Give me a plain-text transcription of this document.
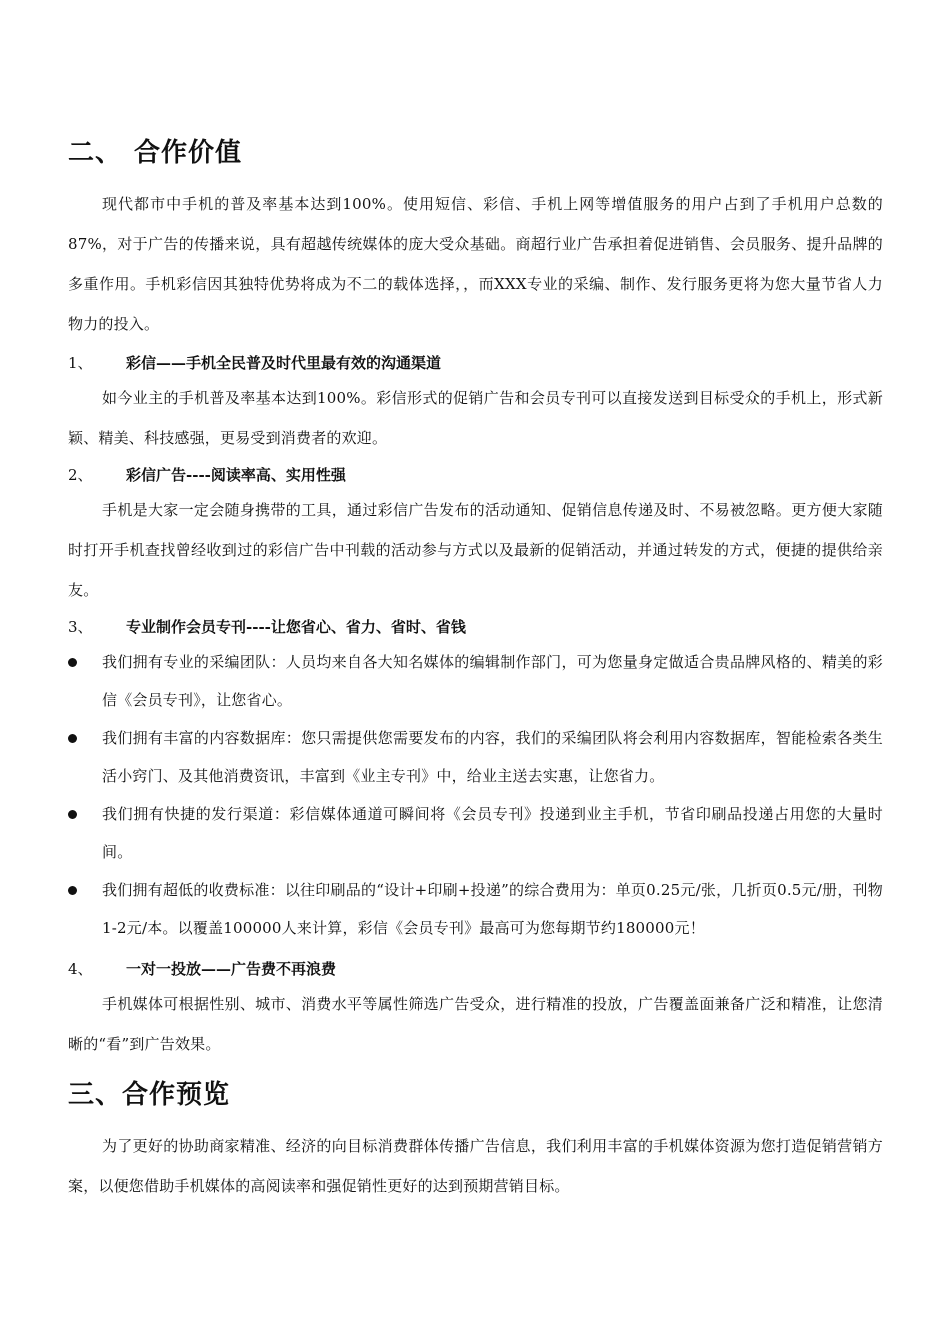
二、 合作价值
现代都市中手机的普及率基本达到100%。使用短信、彩信、手机上网等增值服务的用户占到了手机用户总数的87%，对于广告的传播来说，具有超越传统媒体的庞大受众基础。商超行业广告承担着促进销售、会员服务、提升品牌的多重作用。手机彩信因其独特优势将成为不二的载体选择，，而XXX专业的采编、制作、发行服务更将为您大量节省人力物力的投入。
1、 彩信——手机全民普及时代里最有效的沟通渠道
如今业主的手机普及率基本达到100%。彩信形式的促销广告和会员专刊可以直接发送到目标受众的手机上，形式新颖、精美、科技感强，更易受到消费者的欢迎。
2、 彩信广告----阅读率高、实用性强
手机是大家一定会随身携带的工具，通过彩信广告发布的活动通知、促销信息传递及时、不易被忽略。更方便大家随时打开手机查找曾经收到过的彩信广告中刊载的活动参与方式以及最新的促销活动，并通过转发的方式，便捷的提供给亲友。
3、 专业制作会员专刊----让您省心、省力、省时、省钱
我们拥有专业的采编团队：人员均来自各大知名媒体的编辑制作部门，可为您量身定做适合贵品牌风格的、精美的彩信《会员专刊》，让您省心。
我们拥有丰富的内容数据库：您只需提供您需要发布的内容，我们的采编团队将会利用内容数据库，智能检索各类生活小窍门、及其他消费资讯，丰富到《业主专刊》中，给业主送去实惠，让您省力。
我们拥有快捷的发行渠道：彩信媒体通道可瞬间将《会员专刊》投递到业主手机，节省印刷品投递占用您的大量时间。
我们拥有超低的收费标准：以往印刷品的“设计+印刷+投递”的综合费用为：单页0.25元/张，几折页0.5元/册，刊物1-2元/本。以覆盖100000人来计算，彩信《会员专刊》最高可为您每期节约180000元！
4、 一对一投放——广告费不再浪费
手机媒体可根据性别、城市、消费水平等属性筛选广告受众，进行精准的投放，广告覆盖面兼备广泛和精准，让您清晰的“看”到广告效果。
三、合作预览
为了更好的协助商家精准、经济的向目标消费群体传播广告信息，我们利用丰富的手机媒体资源为您打造促销营销方案，以便您借助手机媒体的高阅读率和强促销性更好的达到预期营销目标。
